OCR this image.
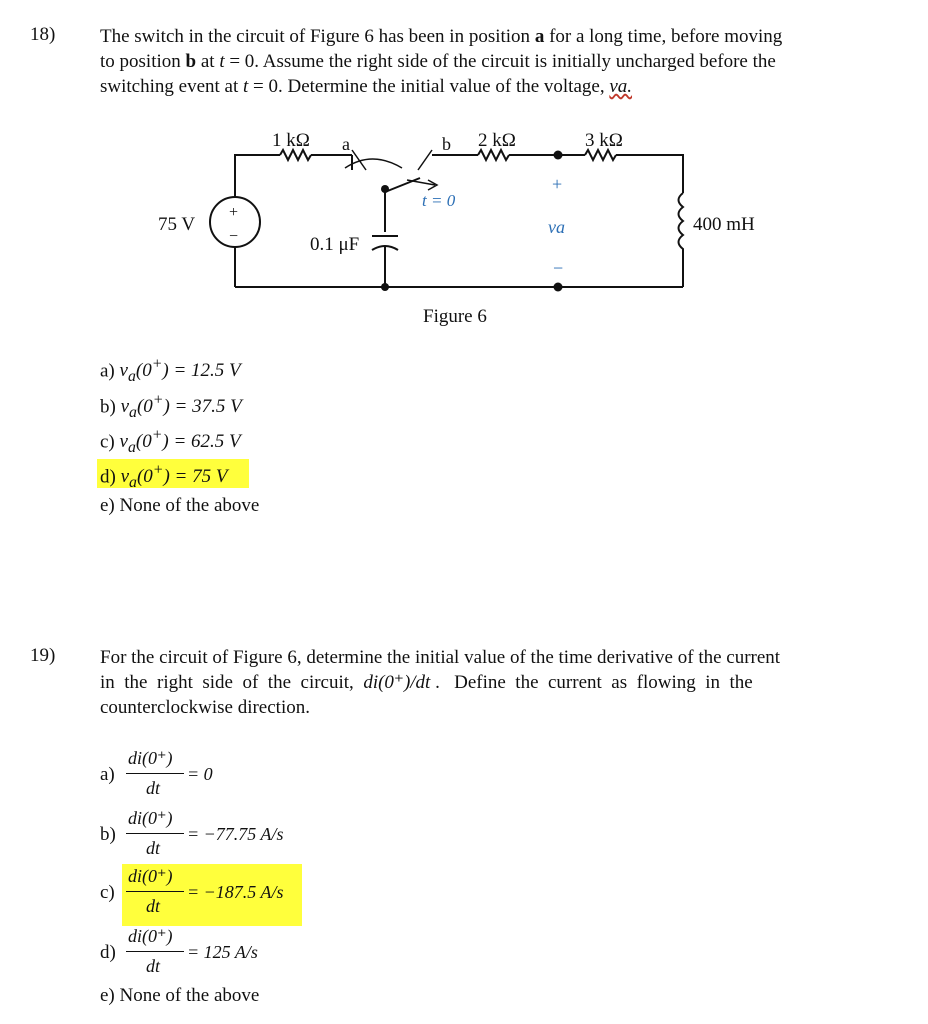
18) The switch in the circuit of Figure 6 has been in position a for a long time, before moving
to position b at t = 0. Assume the right side of the circuit is initially uncharged before the
switching event at t = 0. Determine the initial value of the voltage, va.
1 kΩ a	b 2 kΩ	3 kΩ
t = 0
75 V
+
−	0.1 μF
400 mH
+
va
−
Figure 6
a) $v_a(0^+) = 12.5$ V
b) $v_a(0^+) = 37.5$ V
c) $v_a(0^+) = 62.5$ V
d) $v_a(0^+) = 75$ V
e) None of the above
19) For the circuit of Figure 6, determine the initial value of the time derivative of the current
in  the  right  side  of  the  circuit,  di(0⁺)/dt .   Define  the  current  as  flowing  in  the
counterclockwise direction.
a)
di(0⁺)
dt
= 0
b)
di(0⁺)
dt
= −77.75 A/s
c)
di(0⁺)
dt
= −187.5 A/s
d)
di(0⁺)
dt
= 125 A/s
e) None of the above
